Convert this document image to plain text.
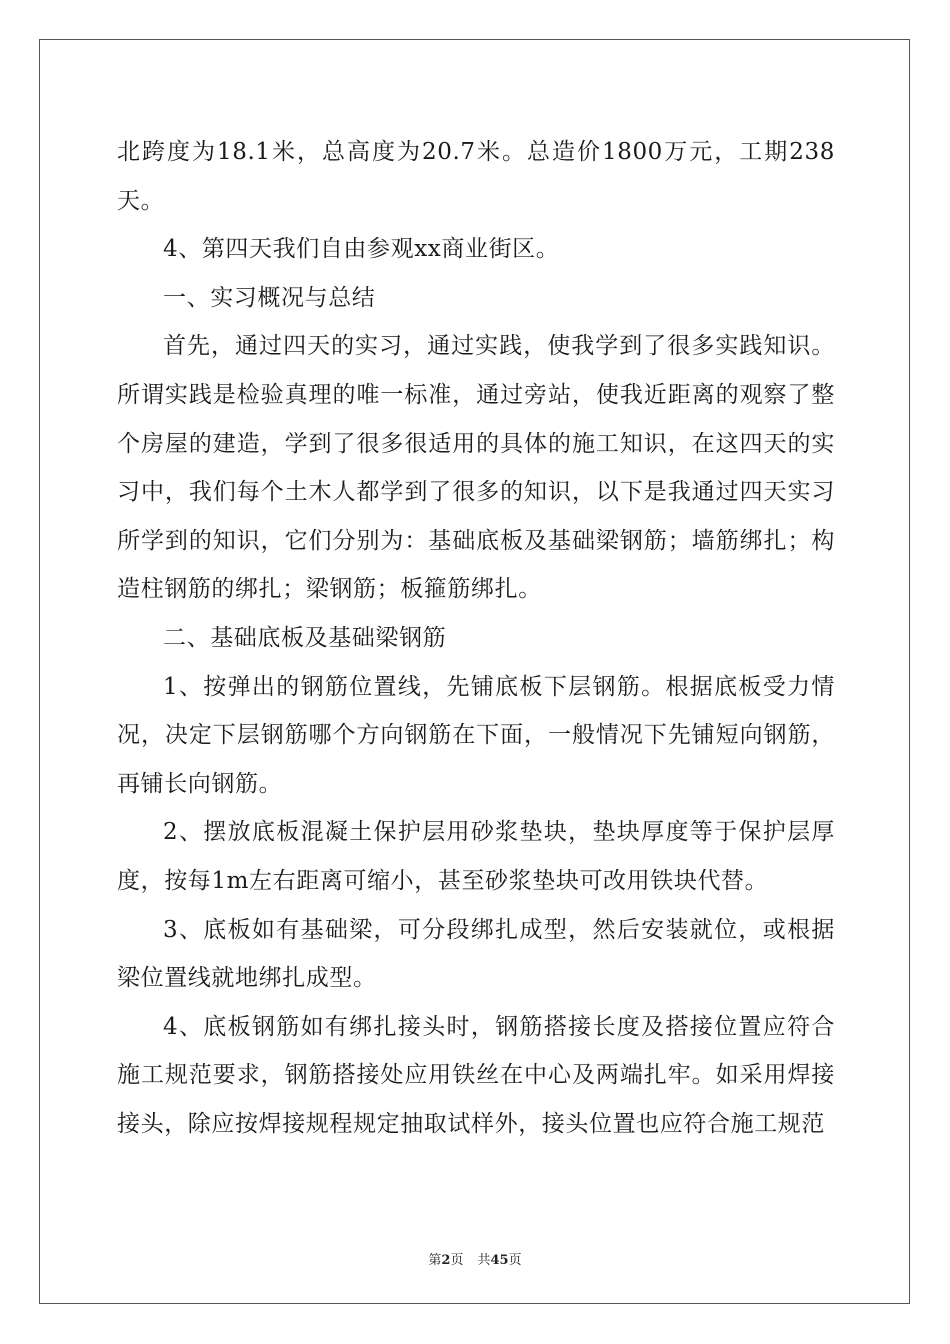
北跨度为18.1米，总高度为20.7米。总造价1800万元，工期238天。

4、第四天我们自由参观xx商业街区。

一、实习概况与总结

首先，通过四天的实习，通过实践，使我学到了很多实践知识。所谓实践是检验真理的唯一标准，通过旁站，使我近距离的观察了整个房屋的建造，学到了很多很适用的具体的施工知识，在这四天的实习中，我们每个土木人都学到了很多的知识，以下是我通过四天实习所学到的知识，它们分别为：基础底板及基础梁钢筋；墙筋绑扎；构造柱钢筋的绑扎；梁钢筋；板箍筋绑扎。

二、基础底板及基础梁钢筋

1、按弹出的钢筋位置线，先铺底板下层钢筋。根据底板受力情况，决定下层钢筋哪个方向钢筋在下面，一般情况下先铺短向钢筋，再铺长向钢筋。

2、摆放底板混凝土保护层用砂浆垫块，垫块厚度等于保护层厚度，按每1m左右距离可缩小，甚至砂浆垫块可改用铁块代替。

3、底板如有基础梁，可分段绑扎成型，然后安装就位，或根据梁位置线就地绑扎成型。

4、底板钢筋如有绑扎接头时，钢筋搭接长度及搭接位置应符合施工规范要求，钢筋搭接处应用铁丝在中心及两端扎牢。如采用焊接接头，除应按焊接规程规定抽取试样外，接头位置也应符合施工规范

第2页 共45页
